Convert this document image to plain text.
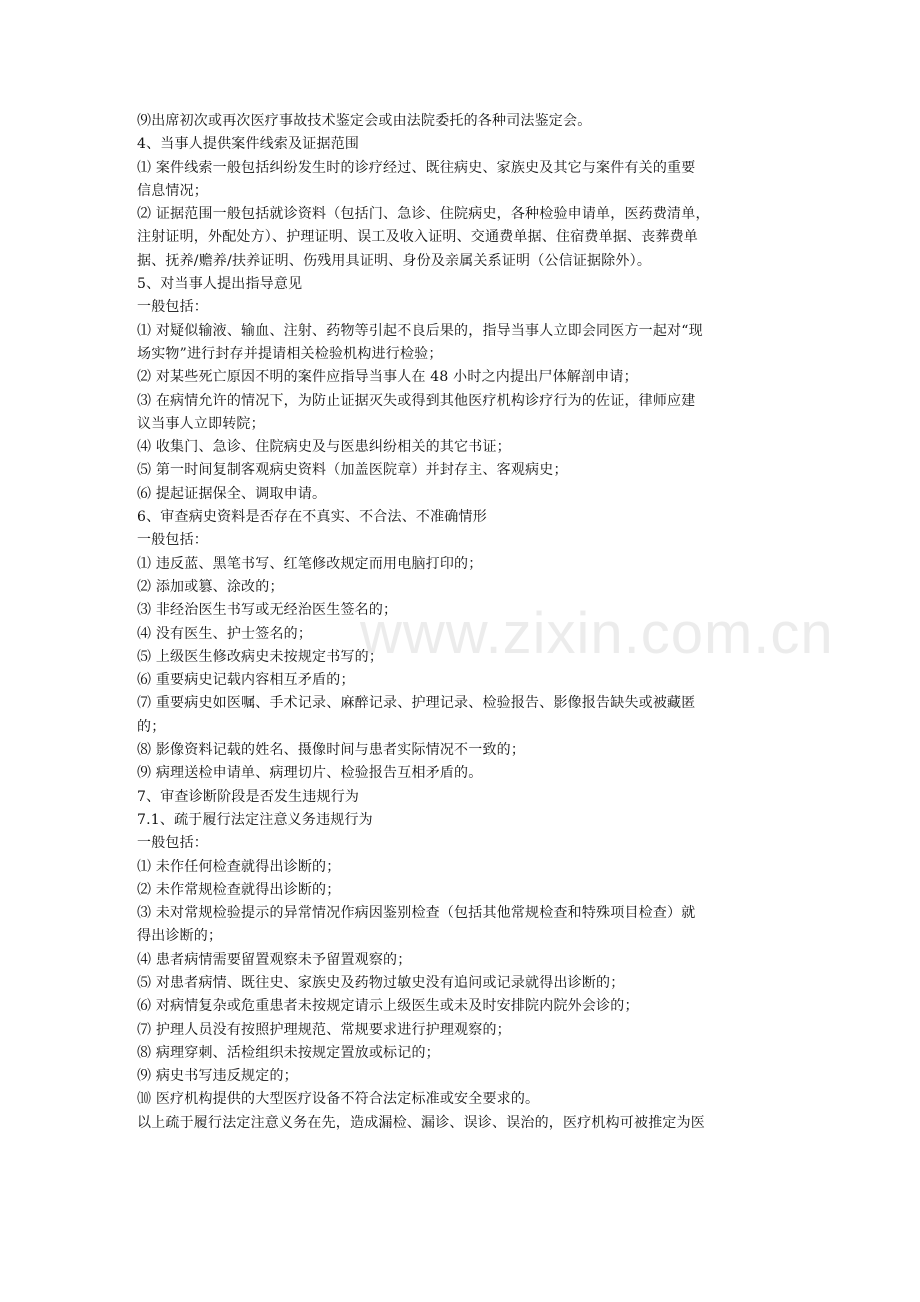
www.zixin.com.cn
⑼出席初次或再次医疗事故技术鉴定会或由法院委托的各种司法鉴定会。
4、当事人提供案件线索及证据范围
⑴ 案件线索一般包括纠纷发生时的诊疗经过、既往病史、家族史及其它与案件有关的重要
信息情况；
⑵ 证据范围一般包括就诊资料（包括门、急诊、住院病史，各种检验申请单，医药费清单，
注射证明，外配处方）、护理证明、误工及收入证明、交通费单据、住宿费单据、丧葬费单
据、抚养/赡养/扶养证明、伤残用具证明、身份及亲属关系证明（公信证据除外）。
5、对当事人提出指导意见
一般包括：
⑴ 对疑似输液、输血、注射、药物等引起不良后果的，指导当事人立即会同医方一起对“现
场实物”进行封存并提请相关检验机构进行检验；
⑵ 对某些死亡原因不明的案件应指导当事人在 48 小时之内提出尸体解剖申请；
⑶ 在病情允许的情况下，为防止证据灭失或得到其他医疗机构诊疗行为的佐证，律师应建
议当事人立即转院；
⑷ 收集门、急诊、住院病史及与医患纠纷相关的其它书证；
⑸ 第一时间复制客观病史资料（加盖医院章）并封存主、客观病史；
⑹ 提起证据保全、调取申请。
6、审查病史资料是否存在不真实、不合法、不准确情形
一般包括：
⑴ 违反蓝、黑笔书写、红笔修改规定而用电脑打印的；
⑵ 添加或篡、涂改的；
⑶ 非经治医生书写或无经治医生签名的；
⑷ 没有医生、护士签名的；
⑸ 上级医生修改病史未按规定书写的；
⑹ 重要病史记载内容相互矛盾的；
⑺ 重要病史如医嘱、手术记录、麻醉记录、护理记录、检验报告、影像报告缺失或被藏匿
的；
⑻ 影像资料记载的姓名、摄像时间与患者实际情况不一致的；
⑼ 病理送检申请单、病理切片、检验报告互相矛盾的。
7、审查诊断阶段是否发生违规行为
7.1、疏于履行法定注意义务违规行为
一般包括：
⑴ 未作任何检查就得出诊断的；
⑵ 未作常规检查就得出诊断的；
⑶ 未对常规检验提示的异常情况作病因鉴别检查（包括其他常规检查和特殊项目检查）就
得出诊断的；
⑷ 患者病情需要留置观察未予留置观察的；
⑸ 对患者病情、既往史、家族史及药物过敏史没有追问或记录就得出诊断的；
⑹ 对病情复杂或危重患者未按规定请示上级医生或未及时安排院内院外会诊的；
⑺ 护理人员没有按照护理规范、常规要求进行护理观察的；
⑻ 病理穿刺、活检组织未按规定置放或标记的；
⑼ 病史书写违反规定的；
⑽ 医疗机构提供的大型医疗设备不符合法定标准或安全要求的。
以上疏于履行法定注意义务在先，造成漏检、漏诊、误诊、误治的，医疗机构可被推定为医
